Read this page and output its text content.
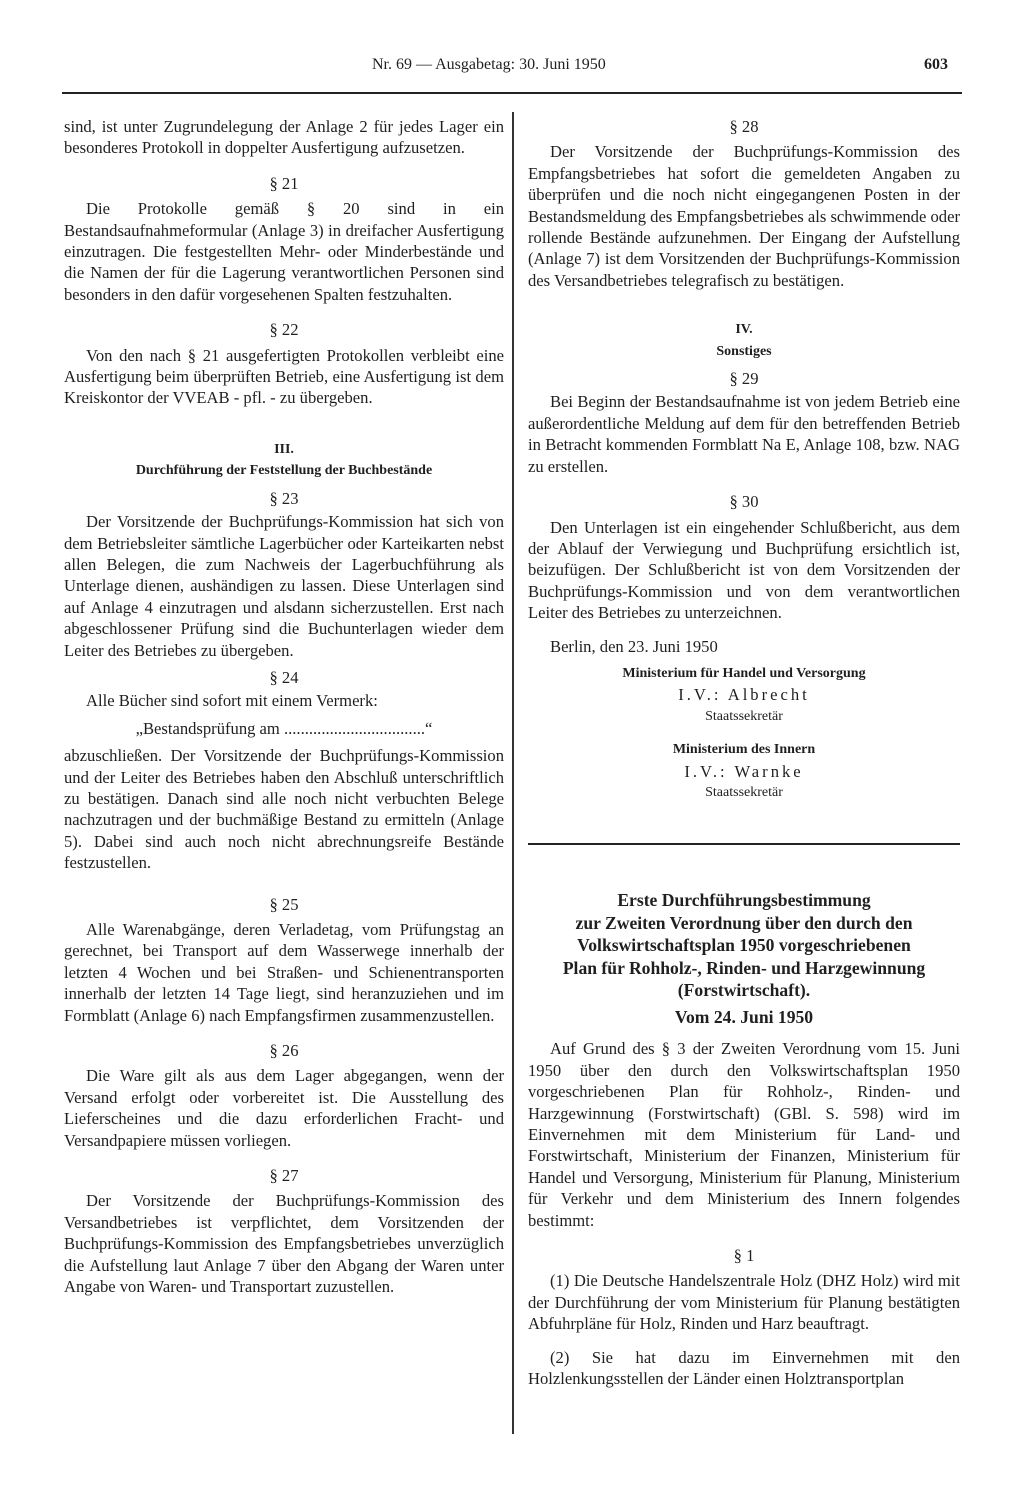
Nr. 69 — Ausgabetag: 30. Juni 1950	603

sind, ist unter Zugrundelegung der Anlage 2 für jedes Lager ein besonderes Protokoll in doppelter Ausfertigung aufzusetzen.

§ 21

Die Protokolle gemäß § 20 sind in ein Bestandsaufnahmeformular (Anlage 3) in dreifacher Ausfertigung einzutragen. Die festgestellten Mehr- oder Minderbestände und die Namen der für die Lagerung verantwortlichen Personen sind besonders in den dafür vorgesehenen Spalten festzuhalten.

§ 22

Von den nach § 21 ausgefertigten Protokollen verbleibt eine Ausfertigung beim überprüften Betrieb, eine Ausfertigung ist dem Kreiskontor der VVEAB - pfl. - zu übergeben.

III.

Durchführung der Feststellung der Buchbestände

§ 23

Der Vorsitzende der Buchprüfungs-Kommission hat sich von dem Betriebsleiter sämtliche Lagerbücher oder Karteikarten nebst allen Belegen, die zum Nachweis der Lagerbuchführung als Unterlage dienen, aushändigen zu lassen. Diese Unterlagen sind auf Anlage 4 einzutragen und alsdann sicherzustellen. Erst nach abgeschlossener Prüfung sind die Buchunterlagen wieder dem Leiter des Betriebes zu übergeben.

§ 24

Alle Bücher sind sofort mit einem Vermerk:

„Bestandsprüfung am ..................................“

abzuschließen. Der Vorsitzende der Buchprüfungs-Kommission und der Leiter des Betriebes haben den Abschluß unterschriftlich zu bestätigen. Danach sind alle noch nicht verbuchten Belege nachzutragen und der buchmäßige Bestand zu ermitteln (Anlage 5). Dabei sind auch noch nicht abrechnungsreife Bestände festzustellen.

§ 25

Alle Warenabgänge, deren Verladetag, vom Prüfungstag an gerechnet, bei Transport auf dem Wasserwege innerhalb der letzten 4 Wochen und bei Straßen- und Schienentransporten innerhalb der letzten 14 Tage liegt, sind heranzuziehen und im Formblatt (Anlage 6) nach Empfangsfirmen zusammenzustellen.

§ 26

Die Ware gilt als aus dem Lager abgegangen, wenn der Versand erfolgt oder vorbereitet ist. Die Ausstellung des Lieferscheines und die dazu erforderlichen Fracht- und Versandpapiere müssen vorliegen.

§ 27

Der Vorsitzende der Buchprüfungs-Kommission des Versandbetriebes ist verpflichtet, dem Vorsitzenden der Buchprüfungs-Kommission des Empfangsbetriebes unverzüglich die Aufstellung laut Anlage 7 über den Abgang der Waren unter Angabe von Waren- und Transportart zuzustellen.

§ 28

Der Vorsitzende der Buchprüfungs-Kommission des Empfangsbetriebes hat sofort die gemeldeten Angaben zu überprüfen und die noch nicht eingegangenen Posten in der Bestandsmeldung des Empfangsbetriebes als schwimmende oder rollende Bestände aufzunehmen. Der Eingang der Aufstellung (Anlage 7) ist dem Vorsitzenden der Buchprüfungs-Kommission des Versandbetriebes telegrafisch zu bestätigen.

IV.

Sonstiges

§ 29

Bei Beginn der Bestandsaufnahme ist von jedem Betrieb eine außerordentliche Meldung auf dem für den betreffenden Betrieb in Betracht kommenden Formblatt Na E, Anlage 108, bzw. NAG zu erstellen.

§ 30

Den Unterlagen ist ein eingehender Schlußbericht, aus dem der Ablauf der Verwiegung und Buchprüfung ersichtlich ist, beizufügen. Der Schlußbericht ist von dem Vorsitzenden der Buchprüfungs-Kommission und von dem verantwortlichen Leiter des Betriebes zu unterzeichnen.

Berlin, den 23. Juni 1950

Ministerium für Handel und Versorgung

I.V.: Albrecht

Staatssekretär

Ministerium des Innern

I.V.: Warnke

Staatssekretär

Erste Durchführungsbestimmung

zur Zweiten Verordnung über den durch den

Volkswirtschaftsplan 1950 vorgeschriebenen

Plan für Rohholz-, Rinden- und Harzgewinnung

(Forstwirtschaft).

Vom 24. Juni 1950

Auf Grund des § 3 der Zweiten Verordnung vom 15. Juni 1950 über den durch den Volkswirtschaftsplan 1950 vorgeschriebenen Plan für Rohholz-, Rinden- und Harzgewinnung (Forstwirtschaft) (GBl. S. 598) wird im Einvernehmen mit dem Ministerium für Land- und Forstwirtschaft, Ministerium der Finanzen, Ministerium für Handel und Versorgung, Ministerium für Planung, Ministerium für Verkehr und dem Ministerium des Innern folgendes bestimmt:

§ 1

(1) Die Deutsche Handelszentrale Holz (DHZ Holz) wird mit der Durchführung der vom Ministerium für Planung bestätigten Abfuhrpläne für Holz, Rinden und Harz beauftragt.

(2) Sie hat dazu im Einvernehmen mit den Holzlenkungsstellen der Länder einen Holztransportplan
